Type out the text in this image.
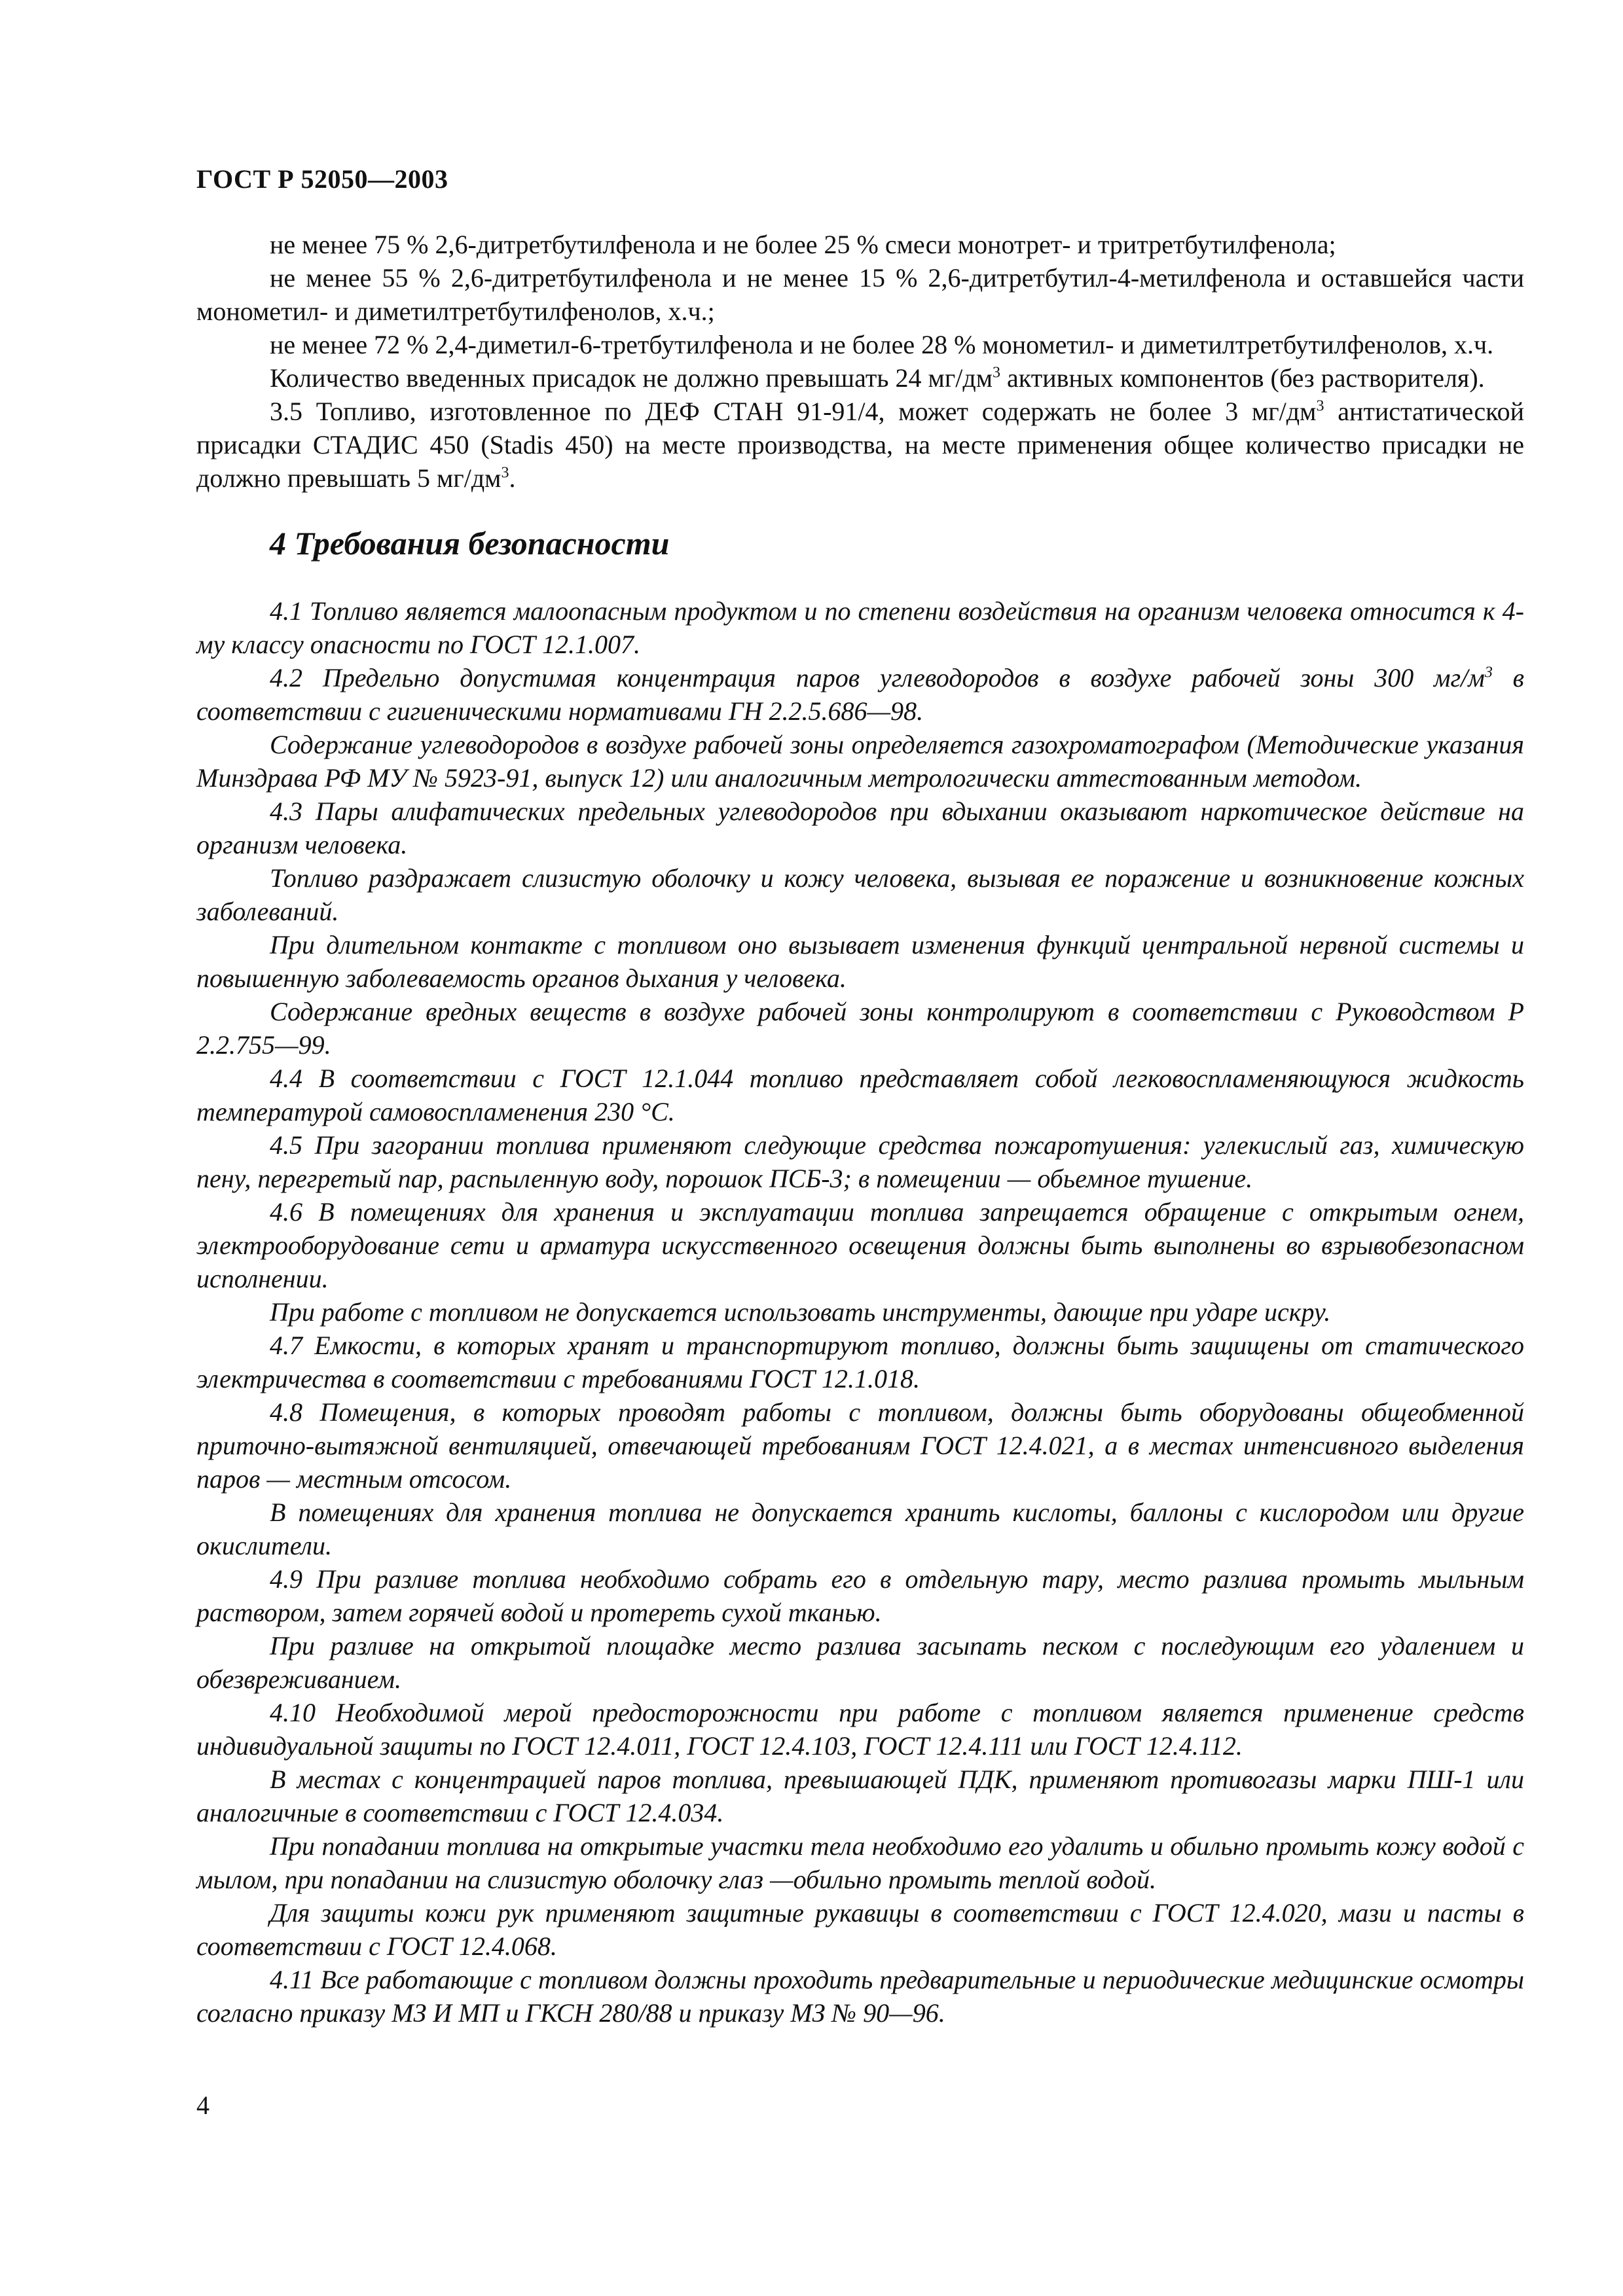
ГОСТ Р 52050—2003

не менее 75 % 2,6-дитретбутилфенола и не более 25 % смеси монотрет- и тритретбутилфенола;

не менее 55 % 2,6-дитретбутилфенола и не менее 15 % 2,6-дитретбутил-4-метилфенола и оставшейся части монометил- и диметилтретбутилфенолов, х.ч.;

не менее 72 % 2,4-диметил-6-третбутилфенола и не более 28 % монометил- и диметилтретбутилфенолов, х.ч.

Количество введенных присадок не должно превышать 24 $мг/дм^3$ активных компонентов (без растворителя).

3.5 Топливо, изготовленное по ДЕФ СТАН 91-91/4, может содержать не более 3 $мг/дм^3$ антистатической присадки СТАДИС 450 (Stadis 450) на месте производства, на месте применения общее количество присадки не должно превышать 5 $мг/дм^3$.

4 Требования безопасности

4.1 Топливо является малоопасным продуктом и по степени воздействия на организм человека относится к 4-му классу опасности по ГОСТ 12.1.007.

4.2 Предельно допустимая концентрация паров углеводородов в воздухе рабочей зоны 300 $мг/м^3$ в соответствии с гигиеническими нормативами ГН 2.2.5.686—98.

Содержание углеводородов в воздухе рабочей зоны определяется газохроматографом (Методические указания Минздрава РФ МУ № 5923-91, выпуск 12) или аналогичным метрологически аттестованным методом.

4.3 Пары алифатических предельных углеводородов при вдыхании оказывают наркотическое действие на организм человека.

Топливо раздражает слизистую оболочку и кожу человека, вызывая ее поражение и возникновение кожных заболеваний.

При длительном контакте с топливом оно вызывает изменения функций центральной нервной системы и повышенную заболеваемость органов дыхания у человека.

Содержание вредных веществ в воздухе рабочей зоны контролируют в соответствии с Руководством Р 2.2.755—99.

4.4 В соответствии с ГОСТ 12.1.044 топливо представляет собой легковоспламеняющуюся жидкость температурой самовоспламенения 230 °С.

4.5 При загорании топлива применяют следующие средства пожаротушения: углекислый газ, химическую пену, перегретый пар, распыленную воду, порошок ПСБ-3; в помещении — обьемное тушение.

4.6 В помещениях для хранения и эксплуатации топлива запрещается обращение с открытым огнем, электрооборудование сети и арматура искусственного освещения должны быть выполнены во взрывобезопасном исполнении.

При работе с топливом не допускается использовать инструменты, дающие при ударе искру.

4.7 Емкости, в которых хранят и транспортируют топливо, должны быть защищены от статического электричества в соответствии с требованиями ГОСТ 12.1.018.

4.8 Помещения, в которых проводят работы с топливом, должны быть оборудованы общеобменной приточно-вытяжной вентиляцией, отвечающей требованиям ГОСТ 12.4.021, а в местах интенсивного выделения паров — местным отсосом.

В помещениях для хранения топлива не допускается хранить кислоты, баллоны с кислородом или другие окислители.

4.9 При разливе топлива необходимо собрать его в отдельную тару, место разлива промыть мыльным раствором, затем горячей водой и протереть сухой тканью.

При разливе на открытой площадке место разлива засыпать песком с последующим его удалением и обезвреживанием.

4.10 Необходимой мерой предосторожности при работе с топливом является применение средств индивидуальной защиты по ГОСТ 12.4.011, ГОСТ 12.4.103, ГОСТ 12.4.111 или ГОСТ 12.4.112.

В местах с концентрацией паров топлива, превышающей ПДК, применяют противогазы марки ПШ-1 или аналогичные в соответствии с ГОСТ 12.4.034.

При попадании топлива на открытые участки тела необходимо его удалить и обильно промыть кожу водой с мылом, при попадании на слизистую оболочку глаз —обильно промыть теплой водой.

Для защиты кожи рук применяют защитные рукавицы в соответствии с ГОСТ 12.4.020, мази и пасты в соответствии с ГОСТ 12.4.068.

4.11 Все работающие с топливом должны проходить предварительные и периодические медицинские осмотры согласно приказу МЗ И МП и ГКСН 280/88 и приказу МЗ № 90—96.

4
